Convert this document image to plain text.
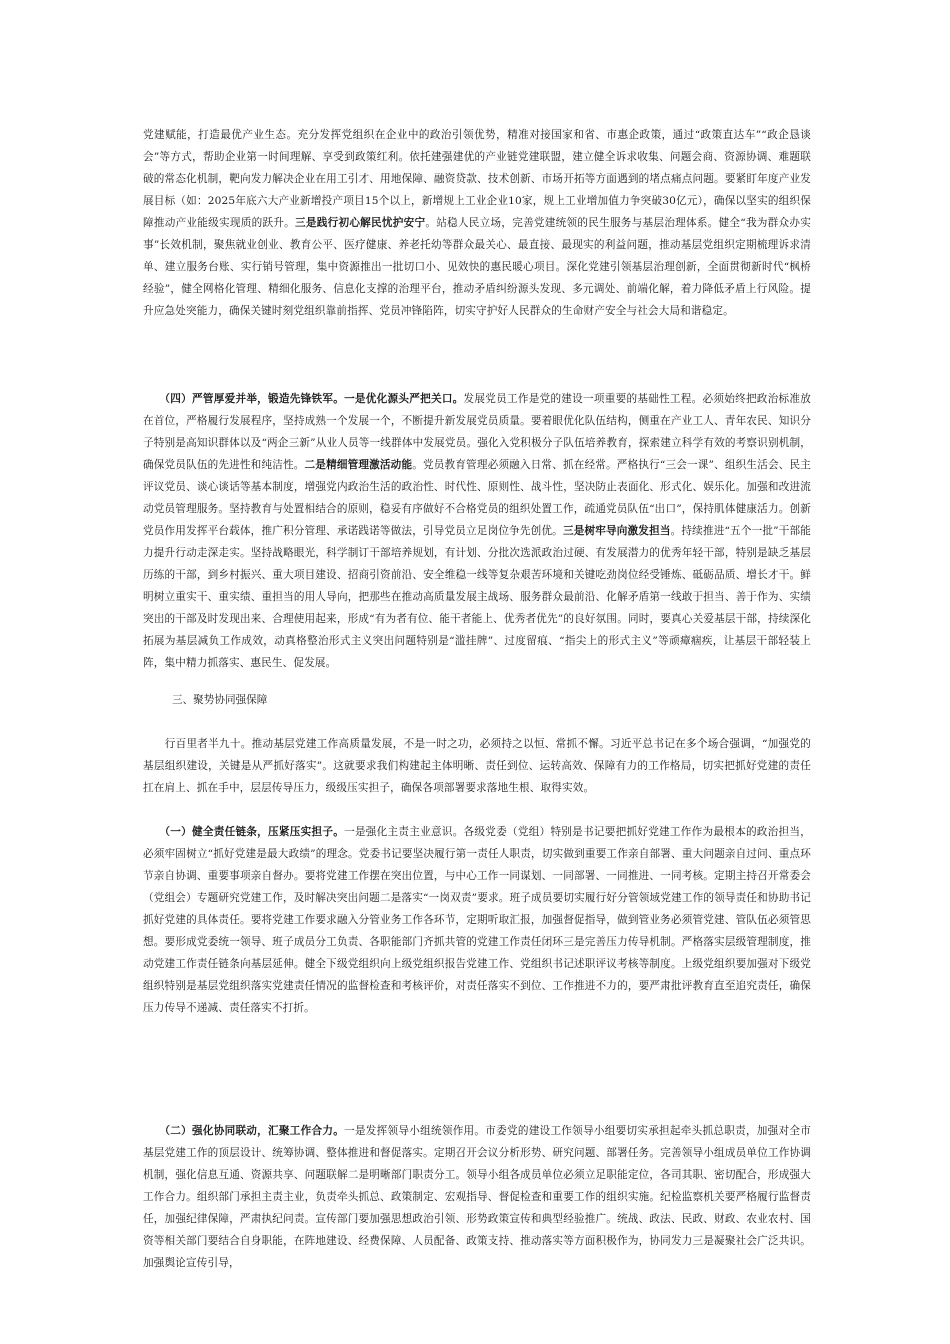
党建赋能，打造最优产业生态。充分发挥党组织在企业中的政治引领优势，精准对接国家和省、市惠企政策，通过“政策直达车”“政企恳谈会”等方式，帮助企业第一时间理解、享受到政策红利。依托建强建优的产业链党建联盟，建立健全诉求收集、问题会商、资源协调、难题联破的常态化机制，靶向发力解决企业在用工引才、用地保障、融资贷款、技术创新、市场开拓等方面遇到的堵点痛点问题。要紧盯年度产业发展目标（如：2025年底六大产业新增投产项目15个以上，新增规上工业企业10家，规上工业增加值力争突破30亿元），确保以坚实的组织保障推动产业能级实现质的跃升。三是践行初心解民忧护安宁。站稳人民立场，完善党建统领的民生服务与基层治理体系。健全“我为群众办实事”长效机制，聚焦就业创业、教育公平、医疗健康、养老托幼等群众最关心、最直接、最现实的利益问题，推动基层党组织定期梳理诉求清单、建立服务台账、实行销号管理，集中资源推出一批切口小、见效快的惠民暖心项目。深化党建引领基层治理创新，全面贯彻新时代“枫桥经验”，健全网格化管理、精细化服务、信息化支撑的治理平台，推动矛盾纠纷源头发现、多元调处、前端化解，着力降低矛盾上行风险。提升应急处突能力，确保关键时刻党组织靠前指挥、党员冲锋陷阵，切实守护好人民群众的生命财产安全与社会大局和谐稳定。

　　（四）严管厚爱并举，锻造先锋铁军。一是优化源头严把关口。发展党员工作是党的建设一项重要的基础性工程。必须始终把政治标准放在首位，严格履行发展程序，坚持成熟一个发展一个，不断提升新发展党员质量。要着眼优化队伍结构，侧重在产业工人、青年农民、知识分子特别是高知识群体以及“两企三新”从业人员等一线群体中发展党员。强化入党积极分子队伍培养教育，探索建立科学有效的考察识别机制，确保党员队伍的先进性和纯洁性。二是精细管理激活动能。党员教育管理必须融入日常、抓在经常。严格执行“三会一课”、组织生活会、民主评议党员、谈心谈话等基本制度，增强党内政治生活的政治性、时代性、原则性、战斗性，坚决防止表面化、形式化、娱乐化。加强和改进流动党员管理服务。坚持教育与处置相结合的原则，稳妥有序做好不合格党员的组织处置工作，疏通党员队伍“出口”，保持肌体健康活力。创新党员作用发挥平台载体，推广积分管理、承诺践诺等做法，引导党员立足岗位争先创优。三是树牢导向激发担当。持续推进“五个一批”干部能力提升行动走深走实。坚持战略眼光，科学制订干部培养规划，有计划、分批次选派政治过硬、有发展潜力的优秀年轻干部，特别是缺乏基层历练的干部，到乡村振兴、重大项目建设、招商引资前沿、安全维稳一线等复杂艰苦环境和关键吃劲岗位经受锤炼、砥砺品质、增长才干。鲜明树立重实干、重实绩、重担当的用人导向，把那些在推动高质量发展主战场、服务群众最前沿、化解矛盾第一线敢于担当、善于作为、实绩突出的干部及时发现出来、合理使用起来，形成“有为者有位、能干者能上、优秀者优先”的良好氛围。同时，要真心关爱基层干部，持续深化拓展为基层减负工作成效，动真格整治形式主义突出问题特别是“滥挂牌”、过度留痕、“指尖上的形式主义”等顽瘴痼疾，让基层干部轻装上阵，集中精力抓落实、惠民生、促发展。

三、聚势协同强保障

　　行百里者半九十。推动基层党建工作高质量发展，不是一时之功，必须持之以恒、常抓不懈。习近平总书记在多个场合强调，“加强党的基层组织建设，关键是从严抓好落实”。这就要求我们构建起主体明晰、责任到位、运转高效、保障有力的工作格局，切实把抓好党建的责任扛在肩上、抓在手中，层层传导压力，级级压实担子，确保各项部署要求落地生根、取得实效。

　　（一）健全责任链条，压紧压实担子。一是强化主责主业意识。各级党委（党组）特别是书记要把抓好党建工作作为最根本的政治担当，必须牢固树立“抓好党建是最大政绩”的理念。党委书记要坚决履行第一责任人职责，切实做到重要工作亲自部署、重大问题亲自过问、重点环节亲自协调、重要事项亲自督办。要将党建工作摆在突出位置，与中心工作一同谋划、一同部署、一同推进、一同考核。定期主持召开常委会（党组会）专题研究党建工作，及时解决突出问题二是落实“一岗双责”要求。班子成员要切实履行好分管领域党建工作的领导责任和协助书记抓好党建的具体责任。要将党建工作要求融入分管业务工作各环节，定期听取汇报，加强督促指导，做到管业务必须管党建、管队伍必须管思想。要形成党委统一领导、班子成员分工负责、各职能部门齐抓共管的党建工作责任闭环三是完善压力传导机制。严格落实层级管理制度，推动党建工作责任链条向基层延伸。健全下级党组织向上级党组织报告党建工作、党组织书记述职评议考核等制度。上级党组织要加强对下级党组织特别是基层党组织落实党建责任情况的监督检查和考核评价，对责任落实不到位、工作推进不力的，要严肃批评教育直至追究责任，确保压力传导不递减、责任落实不打折。

　　（二）强化协同联动，汇聚工作合力。一是发挥领导小组统领作用。市委党的建设工作领导小组要切实承担起牵头抓总职责，加强对全市基层党建工作的顶层设计、统筹协调、整体推进和督促落实。定期召开会议分析形势、研究问题、部署任务。完善领导小组成员单位工作协调机制，强化信息互通、资源共享、问题联解二是明晰部门职责分工。领导小组各成员单位必须立足职能定位，各司其职、密切配合，形成强大工作合力。组织部门承担主责主业，负责牵头抓总、政策制定、宏观指导、督促检查和重要工作的组织实施。纪检监察机关要严格履行监督责任，加强纪律保障，严肃执纪问责。宣传部门要加强思想政治引领、形势政策宣传和典型经验推广。统战、政法、民政、财政、农业农村、国资等相关部门要结合自身职能，在阵地建设、经费保障、人员配备、政策支持、推动落实等方面积极作为，协同发力三是凝聚社会广泛共识。加强舆论宣传引导，
